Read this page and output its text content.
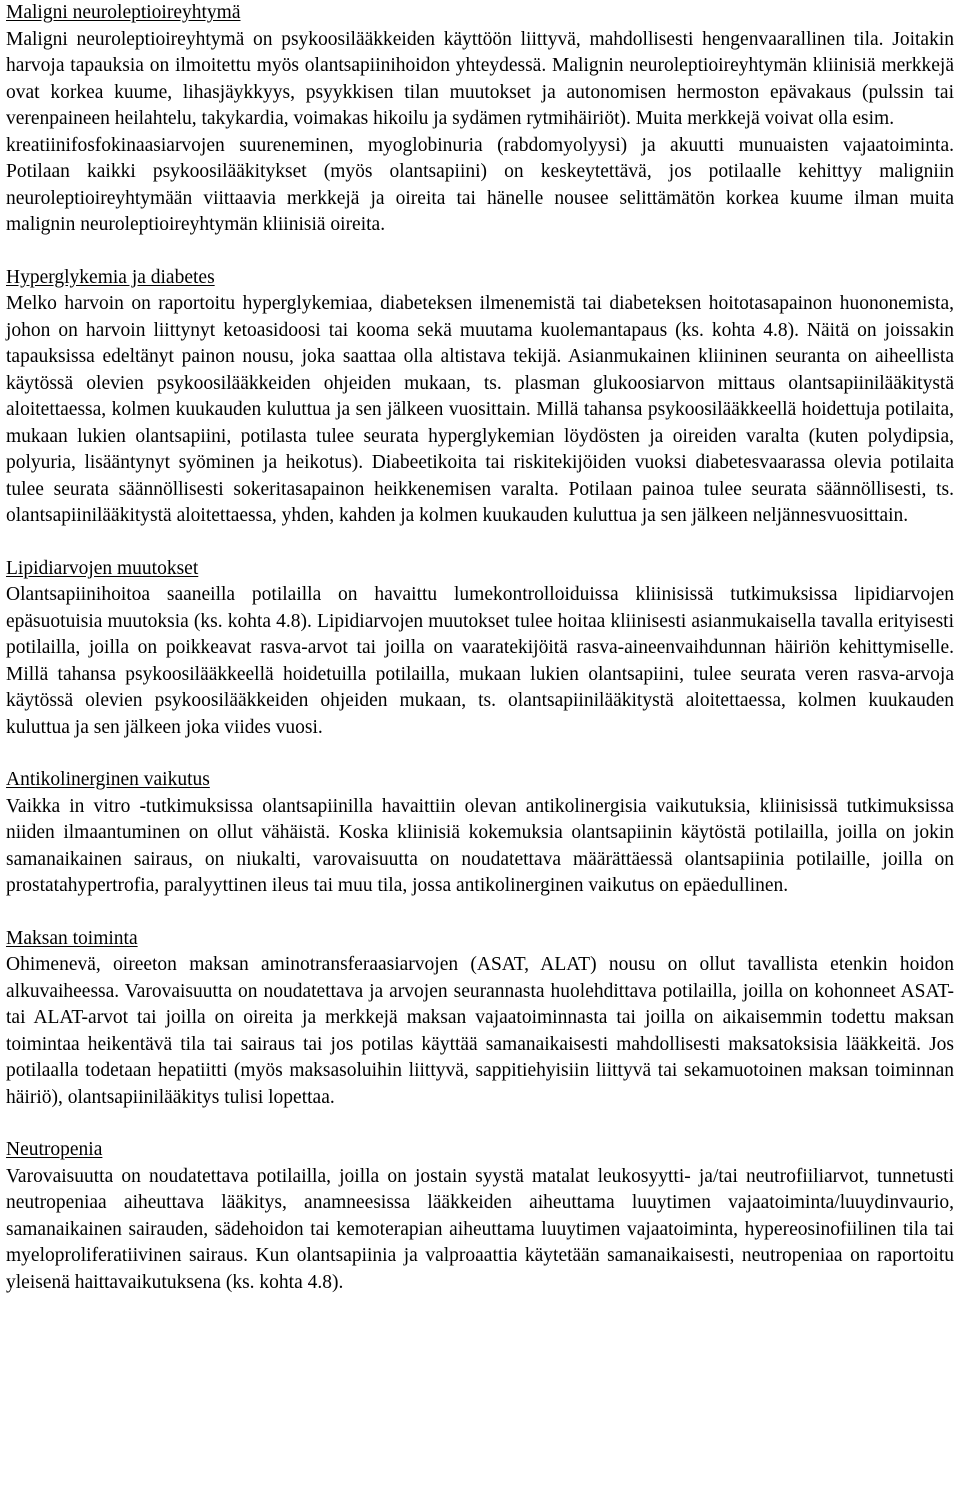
Maligni neuroleptioireyhtymä

Maligni neuroleptioireyhtymä on psykoosilääkkeiden käyttöön liittyvä, mahdollisesti hengenvaarallinen tila. Joitakin harvoja tapauksia on ilmoitettu myös olantsapiinihoidon yhteydessä. Malignin neuroleptioireyhtymän kliinisiä merkkejä ovat korkea kuume, lihasjäykkyys, psyykkisen tilan muutokset ja autonomisen hermoston epävakaus (pulssin tai verenpaineen heilahtelu, takykardia, voimakas hikoilu ja sydämen rytmihäiriöt). Muita merkkejä voivat olla esim.

kreatiinifosfokinaasiarvojen suureneminen, myoglobinuria (rabdomyolyysi) ja akuutti munuaisten vajaatoiminta. Potilaan kaikki psykoosilääkitykset (myös olantsapiini) on keskeytettävä, jos potilaalle kehittyy maligniin neuroleptioireyhtymään viittaavia merkkejä ja oireita tai hänelle nousee selittämätön korkea kuume ilman muita malignin neuroleptioireyhtymän kliinisiä oireita.

Hyperglykemia ja diabetes

Melko harvoin on raportoitu hyperglykemiaa, diabeteksen ilmenemistä tai diabeteksen hoitotasapainon huononemista, johon on harvoin liittynyt ketoasidoosi tai kooma sekä muutama kuolemantapaus (ks. kohta 4.8). Näitä on joissakin tapauksissa edeltänyt painon nousu, joka saattaa olla altistava tekijä. Asianmukainen kliininen seuranta on aiheellista käytössä olevien psykoosilääkkeiden ohjeiden mukaan, ts. plasman glukoosiarvon mittaus olantsapiinilääkitystä aloitettaessa, kolmen kuukauden kuluttua ja sen jälkeen vuosittain. Millä tahansa psykoosilääkkeellä hoidettuja potilaita, mukaan lukien olantsapiini, potilasta tulee seurata hyperglykemian löydösten ja oireiden varalta (kuten polydipsia, polyuria, lisääntynyt syöminen ja heikotus). Diabeetikoita tai riskitekijöiden vuoksi diabetesvaarassa olevia potilaita tulee seurata säännöllisesti sokeritasapainon heikkenemisen varalta. Potilaan painoa tulee seurata säännöllisesti, ts. olantsapiinilääkitystä aloitettaessa, yhden, kahden ja kolmen kuukauden kuluttua ja sen jälkeen neljännesvuosittain.

Lipidiarvojen muutokset

Olantsapiinihoitoa saaneilla potilailla on havaittu lumekontrolloiduissa kliinisissä tutkimuksissa lipidiarvojen epäsuotuisia muutoksia (ks. kohta 4.8). Lipidiarvojen muutokset tulee hoitaa kliinisesti asianmukaisella tavalla erityisesti potilailla, joilla on poikkeavat rasva-arvot tai joilla on vaaratekijöitä rasva-aineenvaihdunnan häiriön kehittymiselle. Millä tahansa psykoosilääkkeellä hoidetuilla potilailla, mukaan lukien olantsapiini, tulee seurata veren rasva-arvoja käytössä olevien psykoosilääkkeiden ohjeiden mukaan, ts. olantsapiinilääkitystä aloitettaessa, kolmen kuukauden kuluttua ja sen jälkeen joka viides vuosi.

Antikolinerginen vaikutus

Vaikka in vitro -tutkimuksissa olantsapiinilla havaittiin olevan antikolinergisia vaikutuksia, kliinisissä tutkimuksissa niiden ilmaantuminen on ollut vähäistä. Koska kliinisiä kokemuksia olantsapiinin käytöstä potilailla, joilla on jokin samanaikainen sairaus, on niukalti, varovaisuutta on noudatettava määrättäessä olantsapiinia potilaille, joilla on prostatahypertrofia, paralyyttinen ileus tai muu tila, jossa antikolinerginen vaikutus on epäedullinen.

Maksan toiminta

Ohimenevä, oireeton maksan aminotransferaasiarvojen (ASAT, ALAT) nousu on ollut tavallista etenkin hoidon alkuvaiheessa. Varovaisuutta on noudatettava ja arvojen seurannasta huolehdittava potilailla, joilla on kohonneet ASAT- tai ALAT-arvot tai joilla on oireita ja merkkejä maksan vajaatoiminnasta tai joilla on aikaisemmin todettu maksan toimintaa heikentävä tila tai sairaus tai jos potilas käyttää samanaikaisesti mahdollisesti maksatoksisia lääkkeitä. Jos potilaalla todetaan hepatiitti (myös maksasoluihin liittyvä, sappitiehyisiin liittyvä tai sekamuotoinen maksan toiminnan häiriö), olantsapiinilääkitys tulisi lopettaa.

Neutropenia

Varovaisuutta on noudatettava potilailla, joilla on jostain syystä matalat leukosyytti- ja/tai neutrofiiliarvot, tunnetusti neutropeniaa aiheuttava lääkitys, anamneesissa lääkkeiden aiheuttama luuytimen vajaatoiminta/luuydinvaurio, samanaikainen sairauden, sädehoidon tai kemoterapian aiheuttama luuytimen vajaatoiminta, hypereosinofiilinen tila tai myeloproliferatiivinen sairaus. Kun olantsapiinia ja valproaattia käytetään samanaikaisesti, neutropeniaa on raportoitu yleisenä haittavaikutuksena (ks. kohta 4.8).
